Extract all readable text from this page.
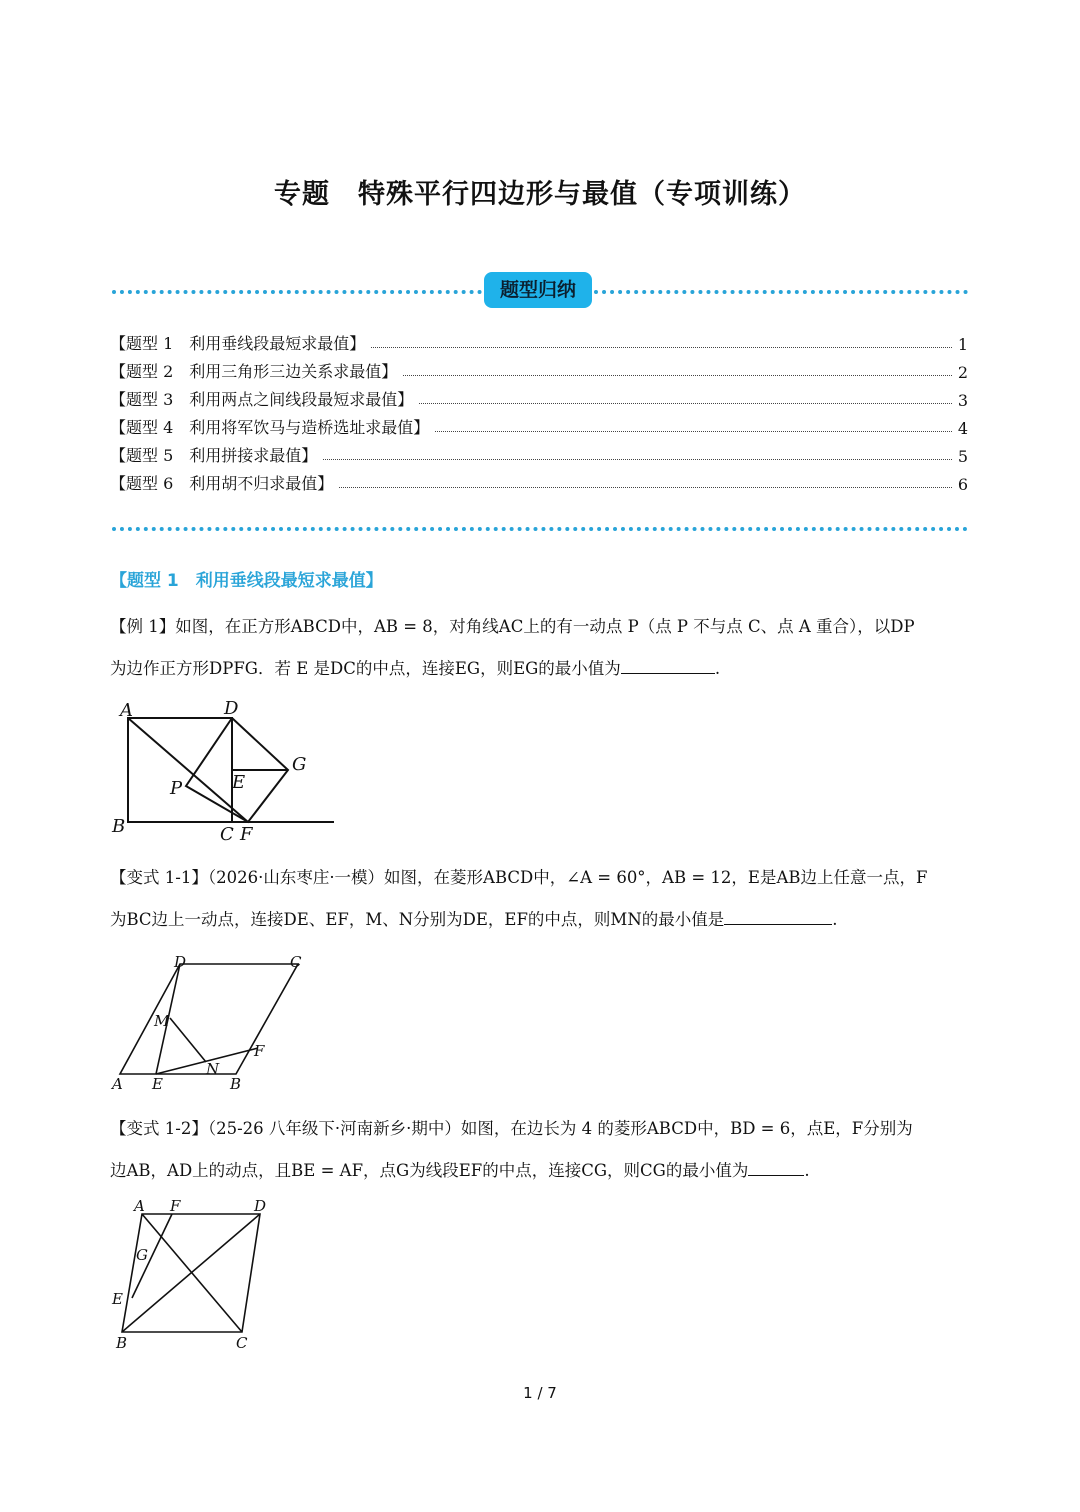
专题　特殊平行四边形与最值（专项训练）
题型归纳
【题型 1　利用垂线段最短求最值】	1
【题型 2　利用三角形三边关系求最值】	2
【题型 3　利用两点之间线段最短求最值】	3
【题型 4　利用将军饮马与造桥选址求最值】	4
【题型 5　利用拼接求最值】	5
【题型 6　利用胡不归求最值】	6
【题型 1　利用垂线段最短求最值】
【例 1】如图，在正方形ABCD中，AB = 8，对角线AC上的有一动点 P（点 P 不与点 C、点 A 重合），以DP
为边作正方形DPFG．若 E 是DC的中点，连接EG，则EG的最小值为	.
A	D
G
P	E
B	C F
【变式 1-1】（2026·山东枣庄·一模）如图，在菱形ABCD中，∠A = 60°，AB = 12，E是AB边上任意一点，F
为BC边上一动点，连接DE、EF，M、N分别为DE，EF的中点，则MN的最小值是	.
D	C
M
F
A E
N
B
【变式 1-2】（25-26 八年级下·河南新乡·期中）如图，在边长为 4 的菱形ABCD中，BD = 6，点E，F分别为
边AB，AD上的动点，且BE = AF，点G为线段EF的中点，连接CG，则CG的最小值为	.
A F	D
G
E
B	C
1 / 7
